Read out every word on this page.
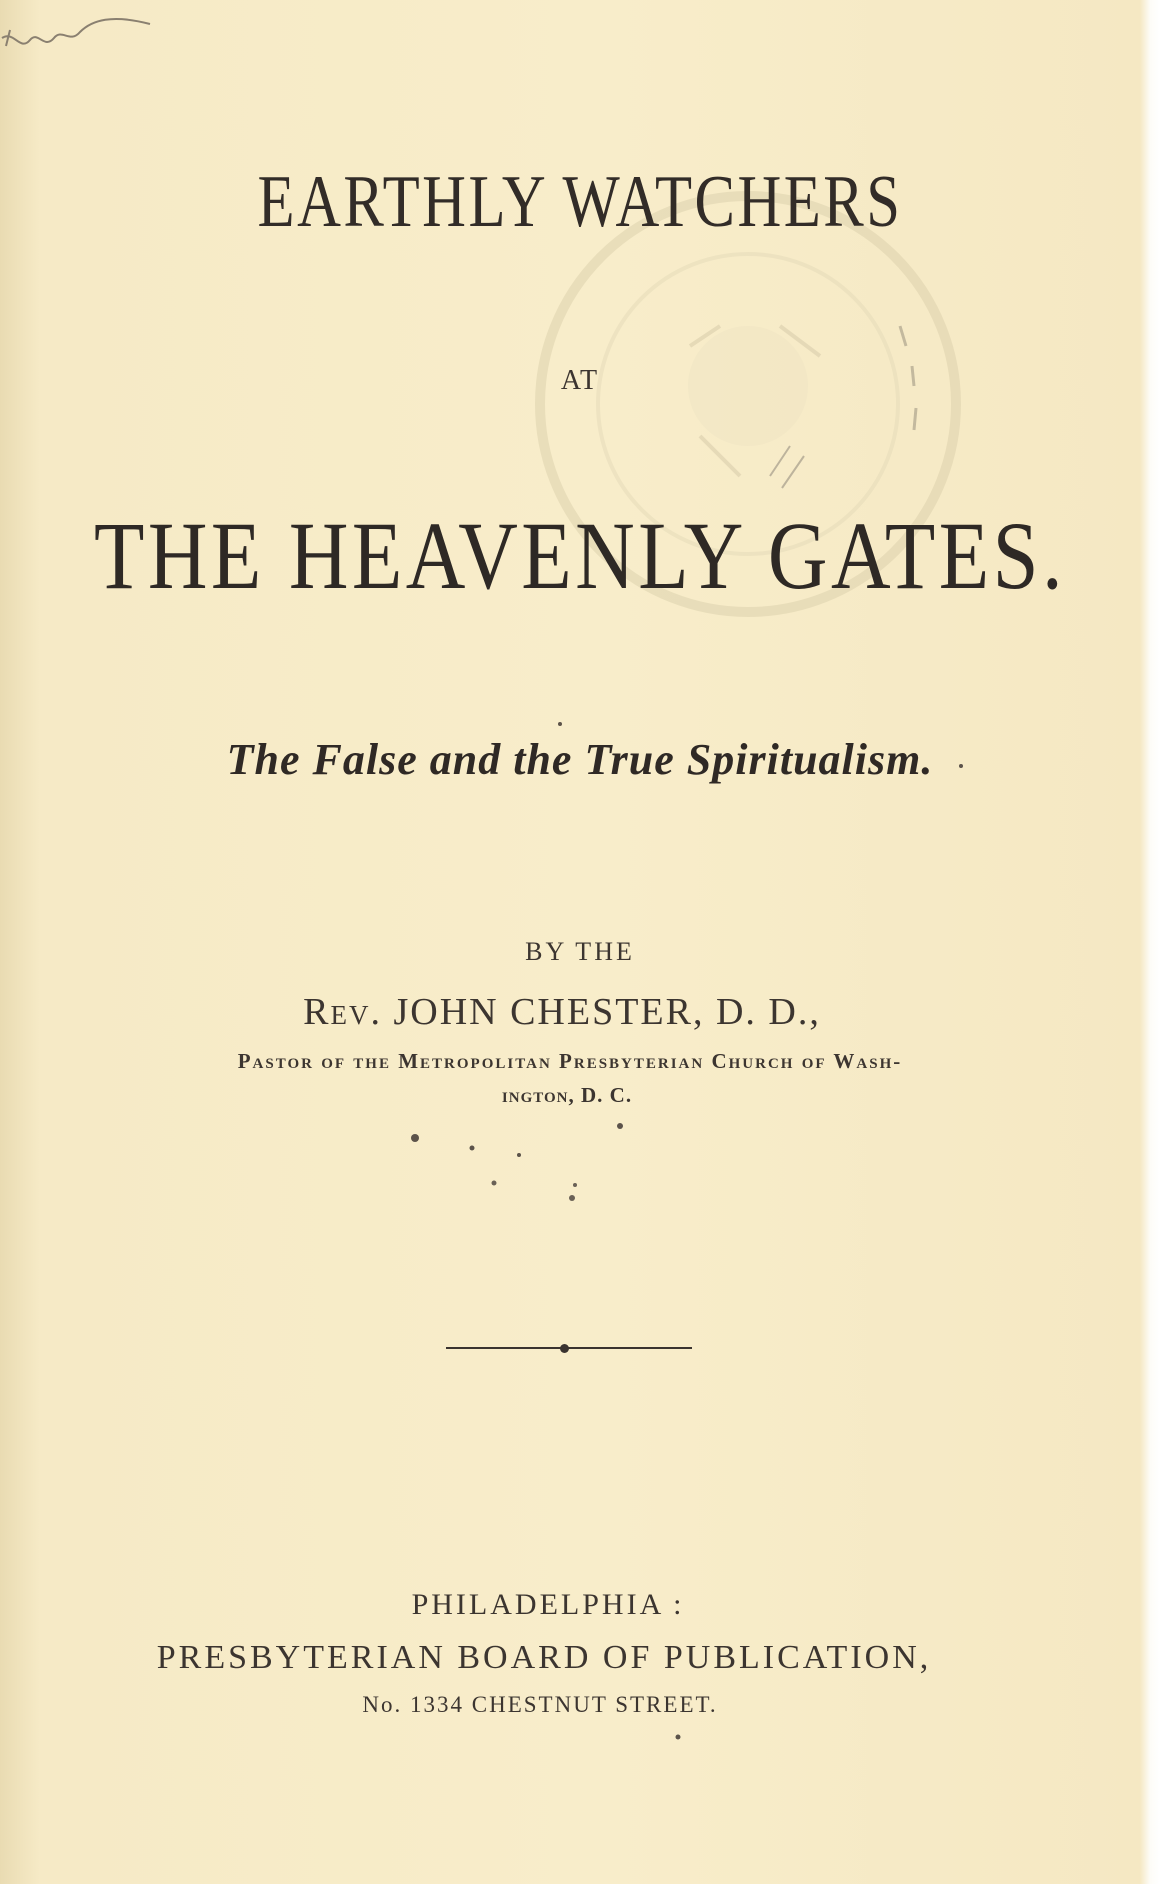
EARTHLY WATCHERS
AT
THE HEAVENLY GATES.
The False and the True Spiritualism.
BY THE
Rev. JOHN CHESTER, D. D.,
Pastor of the Metropolitan Presbyterian Church of Wash-
ington, D. C.
PHILADELPHIA :
PRESBYTERIAN BOARD OF PUBLICATION,
No. 1334 CHESTNUT STREET.
